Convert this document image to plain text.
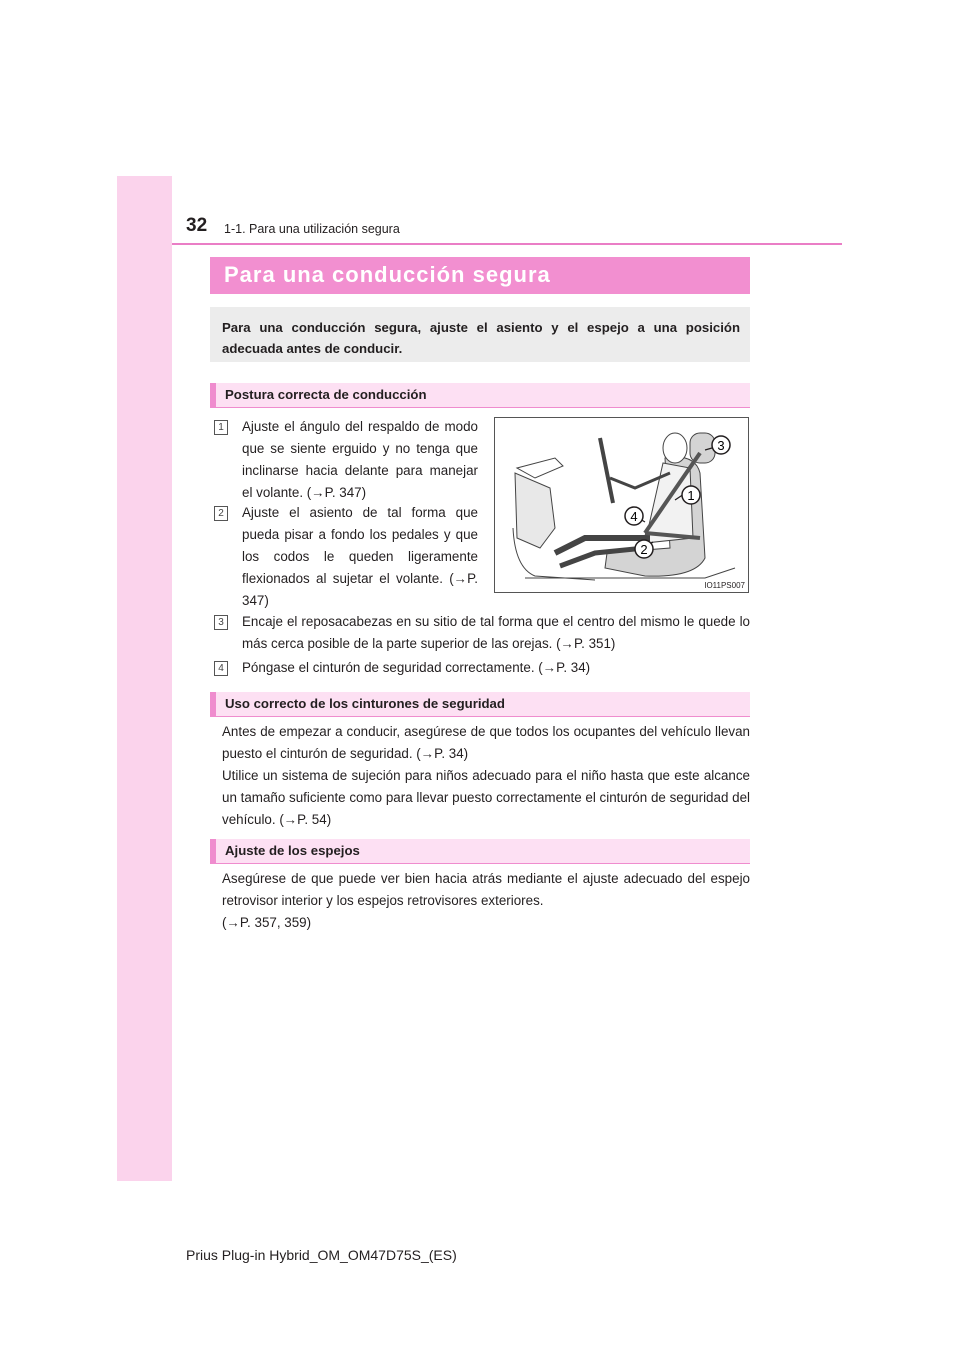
32 1-1. Para una utilización segura
Para una conducción segura
Para una conducción segura, ajuste el asiento y el espejo a una posición adecuada antes de conducir.
Postura correcta de conducción
1	Ajuste el ángulo del respaldo de modo que se siente erguido y no tenga que inclinarse hacia delante para manejar el volante. (→P. 347)
2	Ajuste el asiento de tal forma que pueda pisar a fondo los pedales y que los codos le queden ligeramente flexionados al sujetar el volante. (→P. 347)
1
2
3
4
IO11PS007
3	Encaje el reposacabezas en su sitio de tal forma que el centro del mismo le quede lo más cerca posible de la parte superior de las orejas. (→P. 351)
4	Póngase el cinturón de seguridad correctamente. (→P. 34)
Uso correcto de los cinturones de seguridad
Antes de empezar a conducir, asegúrese de que todos los ocupantes del vehículo llevan puesto el cinturón de seguridad. (→P. 34)
Utilice un sistema de sujeción para niños adecuado para el niño hasta que este alcance un tamaño suficiente como para llevar puesto correctamente el cinturón de seguridad del vehículo. (→P. 54)
Ajuste de los espejos
Asegúrese de que puede ver bien hacia atrás mediante el ajuste adecuado del espejo retrovisor interior y los espejos retrovisores exteriores.
(→P. 357, 359)
Prius Plug-in Hybrid_OM_OM47D75S_(ES)
